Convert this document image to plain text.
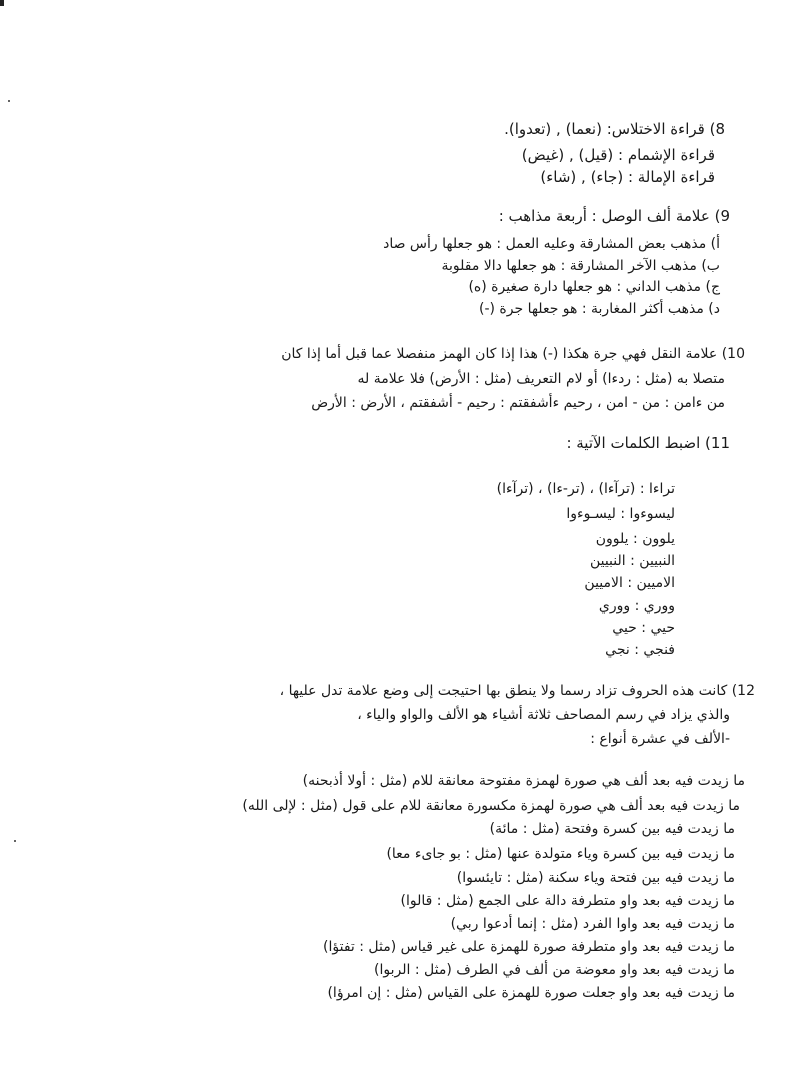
8) قراءة الاختلاس: (نعما) , (تعدوا).
قراءة الإشمام : (قيل) , (غيض)
قراءة الإمالة : (جاء) , (شاء)
9) علامة ألف الوصل : أربعة مذاهب :
أ) مذهب بعض المشارقة وعليه العمل : هو جعلها رأس صاد
ب) مذهب الآخر المشارقة : هو جعلها دالا مقلوبة
ج) مذهب الداني : هو جعلها دارة صغيرة (ه)
د) مذهب أكثر المغاربة : هو جعلها جرة (-)
10) علامة النقل فهي جرة هكذا (-) هذا إذا كان الهمز منفصلا عما قبل أما إذا كان
متصلا به (مثل : ردءا) أو لام التعريف (مثل : الأرض) فلا علامة له
من ءامن : من - امن ، رحيم ءأشفقتم : رحيم - أشفقتم ، الأرض : الأرض
11) اضبط الكلمات الآتية :
تراءا : (ترآءا) ، (تر-ءا) ، (ترآءا)
ليسوءوا : ليسـوءوا
يلوون : يلوون
النبيين : النبيين
الاميين : الاميين
ووري : ووري
حيي : حيي
فنجي : نجي
12) كانت هذه الحروف تزاد رسما ولا ينطق بها احتيجت إلى وضع علامة تدل عليها ،
والذي يزاد في رسم المصاحف ثلاثة أشياء هو الألف والواو والياء ،
-الألف في عشرة أنواع :
ما زيدت فيه بعد ألف هي صورة لهمزة مفتوحة معانقة للام (مثل : أولا أذبحنه)
ما زيدت فيه بعد ألف هي صورة لهمزة مكسورة معانقة للام على قول (مثل : لإلى الله)
ما زيدت فيه بين كسرة وفتحة (مثل : مائة)
ما زيدت فيه بين كسرة وياء متولدة عنها (مثل : بو جاىء معا)
ما زيدت فيه بين فتحة وياء سكنة (مثل : تايئسوا)
ما زيدت فيه بعد واو متطرفة دالة على الجمع (مثل : قالوا)
ما زيدت فيه بعد واوا الفرد (مثل : إنما أدعوا ربي)
ما زيدت فيه بعد واو متطرفة صورة للهمزة على غير قياس (مثل : تفتؤا)
ما زيدت فيه بعد واو معوضة من ألف في الطرف (مثل : الربوا)
ما زيدت فيه بعد واو جعلت صورة للهمزة على القياس (مثل : إن امرؤا)
